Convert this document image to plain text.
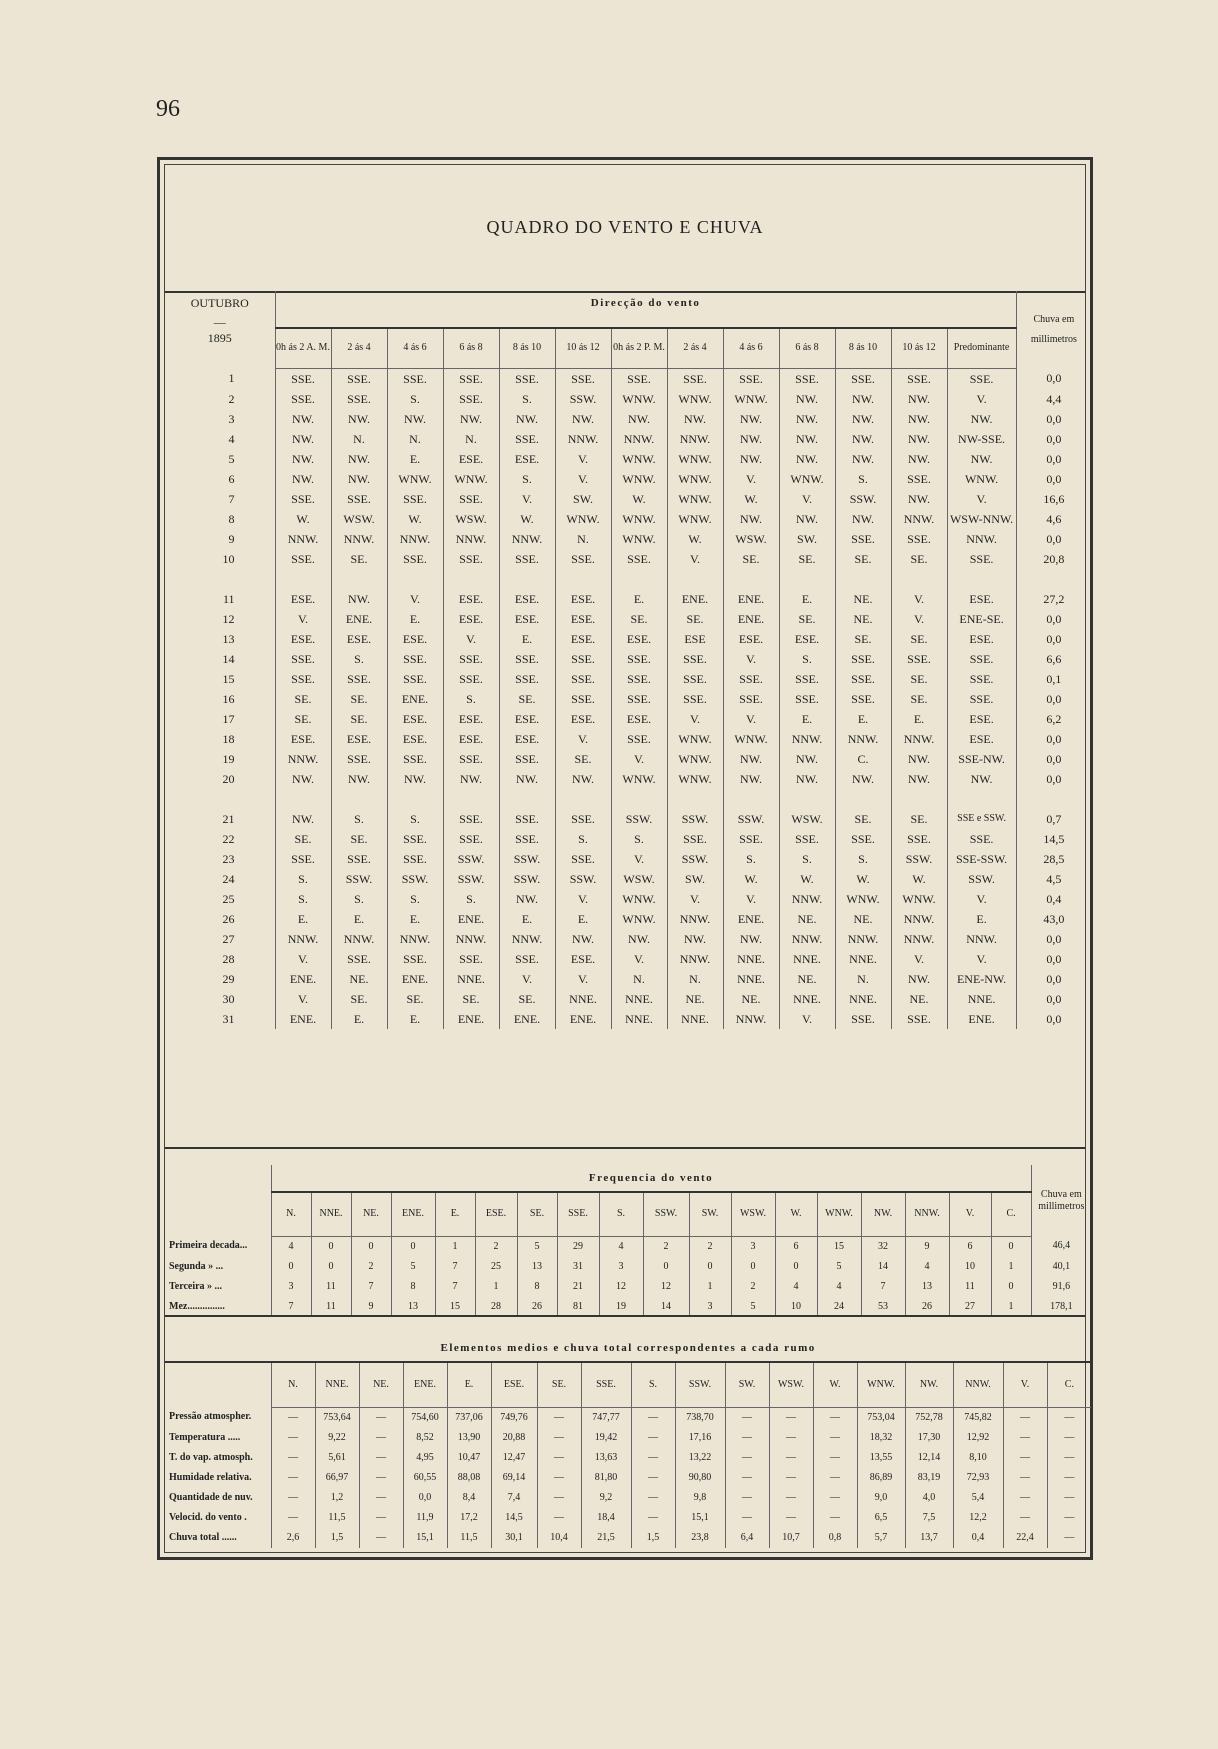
96
QUADRO DO VENTO E CHUVA
OUTUBRO	Direcção do vento													Chuva em millimetros
—														
1895	0h ás 2 A. M.	2 ás 4	4 ás 6	6 ás 8	8 ás 10	10 ás 12	0h ás 2 P. M.	2 ás 4	4 ás 6	6 ás 8	8 ás 10	10 ás 12	Predominante	
1	SSE.	SSE.	SSE.	SSE.	SSE.	SSE.	SSE.	SSE.	SSE.	SSE.	SSE.	SSE.	SSE.	0,0
2	SSE.	SSE.	S.	SSE.	S.	SSW.	WNW.	WNW.	WNW.	NW.	NW.	NW.	V.	4,4
3	NW.	NW.	NW.	NW.	NW.	NW.	NW.	NW.	NW.	NW.	NW.	NW.	NW.	0,0
4	NW.	N.	N.	N.	SSE.	NNW.	NNW.	NNW.	NW.	NW.	NW.	NW.	NW-SSE.	0,0
5	NW.	NW.	E.	ESE.	ESE.	V.	WNW.	WNW.	NW.	NW.	NW.	NW.	NW.	0,0
6	NW.	NW.	WNW.	WNW.	S.	V.	WNW.	WNW.	V.	WNW.	S.	SSE.	WNW.	0,0
7	SSE.	SSE.	SSE.	SSE.	V.	SW.	W.	WNW.	W.	V.	SSW.	NW.	V.	16,6
8	W.	WSW.	W.	WSW.	W.	WNW.	WNW.	WNW.	NW.	NW.	NW.	NNW.	WSW-NNW.	4,6
9	NNW.	NNW.	NNW.	NNW.	NNW.	N.	WNW.	W.	WSW.	SW.	SSE.	SSE.	NNW.	0,0
10	SSE.	SE.	SSE.	SSE.	SSE.	SSE.	SSE.	V.	SE.	SE.	SE.	SE.	SSE.	20,8

11	ESE.	NW.	V.	ESE.	ESE.	ESE.	E.	ENE.	ENE.	E.	NE.	V.	ESE.	27,2
12	V.	ENE.	E.	ESE.	ESE.	ESE.	SE.	SE.	ENE.	SE.	NE.	V.	ENE-SE.	0,0
13	ESE.	ESE.	ESE.	V.	E.	ESE.	ESE.	ESE	ESE.	ESE.	SE.	SE.	ESE.	0,0
14	SSE.	S.	SSE.	SSE.	SSE.	SSE.	SSE.	SSE.	V.	S.	SSE.	SSE.	SSE.	6,6
15	SSE.	SSE.	SSE.	SSE.	SSE.	SSE.	SSE.	SSE.	SSE.	SSE.	SSE.	SE.	SSE.	0,1
16	SE.	SE.	ENE.	S.	SE.	SSE.	SSE.	SSE.	SSE.	SSE.	SSE.	SE.	SSE.	0,0
17	SE.	SE.	ESE.	ESE.	ESE.	ESE.	ESE.	V.	V.	E.	E.	E.	ESE.	6,2
18	ESE.	ESE.	ESE.	ESE.	ESE.	V.	SSE.	WNW.	WNW.	NNW.	NNW.	NNW.	ESE.	0,0
19	NNW.	SSE.	SSE.	SSE.	SSE.	SE.	V.	WNW.	NW.	NW.	C.	NW.	SSE-NW.	0,0
20	NW.	NW.	NW.	NW.	NW.	NW.	WNW.	WNW.	NW.	NW.	NW.	NW.	NW.	0,0

21	NW.	S.	S.	SSE.	SSE.	SSE.	SSW.	SSW.	SSW.	WSW.	SE.	SE.	SSE e SSW.	0,7
22	SE.	SE.	SSE.	SSE.	SSE.	S.	S.	SSE.	SSE.	SSE.	SSE.	SSE.	SSE.	14,5
23	SSE.	SSE.	SSE.	SSW.	SSW.	SSE.	V.	SSW.	S.	S.	S.	SSW.	SSE-SSW.	28,5
24	S.	SSW.	SSW.	SSW.	SSW.	SSW.	WSW.	SW.	W.	W.	W.	W.	SSW.	4,5
25	S.	S.	S.	S.	NW.	V.	WNW.	V.	V.	NNW.	WNW.	WNW.	V.	0,4
26	E.	E.	E.	ENE.	E.	E.	WNW.	NNW.	ENE.	NE.	NE.	NNW.	E.	43,0
27	NNW.	NNW.	NNW.	NNW.	NNW.	NW.	NW.	NW.	NW.	NNW.	NNW.	NNW.	NNW.	0,0
28	V.	SSE.	SSE.	SSE.	SSE.	ESE.	V.	NNW.	NNE.	NNE.	NNE.	V.	V.	0,0
29	ENE.	NE.	ENE.	NNE.	V.	V.	N.	N.	NNE.	NE.	N.	NW.	ENE-NW.	0,0
30	V.	SE.	SE.	SE.	SE.	NNE.	NNE.	NE.	NE.	NNE.	NNE.	NE.	NNE.	0,0
31	ENE.	E.	E.	ENE.	ENE.	ENE.	NNE.	NNE.	NNW.	V.	SSE.	SSE.	ENE.	0,0
	Frequencia do vento																		Chuva em millimetros
	N.	NNE.	NE.	ENE.	E.	ESE.	SE.	SSE.	S.	SSW.	SW.	WSW.	W.	WNW.	NW.	NNW.	V.	C.	
Primeira decada...	4	0	0	0	1	2	5	29	4	2	2	3	6	15	32	9	6	0	46,4
Segunda » ...	0	0	2	5	7	25	13	31	3	0	0	0	0	5	14	4	10	1	40,1
Terceira » ...	3	11	7	8	7	1	8	21	12	12	1	2	4	4	7	13	11	0	91,6
Mez...............	7	11	9	13	15	28	26	81	19	14	3	5	10	24	53	26	27	1	178,1
Elementos medios e chuva total correspondentes a cada rumo																		
	N.	NNE.	NE.	ENE.	E.	ESE.	SE.	SSE.	S.	SSW.	SW.	WSW.	W.	WNW.	NW.	NNW.	V.	C.
Pressão atmospher.	—	753,64	—	754,60	737,06	749,76	—	747,77	—	738,70	—	—	—	753,04	752,78	745,82	—	—
Temperatura .....	—	9,22	—	8,52	13,90	20,88	—	19,42	—	17,16	—	—	—	18,32	17,30	12,92	—	—
T. do vap. atmosph.	—	5,61	—	4,95	10,47	12,47	—	13,63	—	13,22	—	—	—	13,55	12,14	8,10	—	—
Humidade relativa.	—	66,97	—	60,55	88,08	69,14	—	81,80	—	90,80	—	—	—	86,89	83,19	72,93	—	—
Quantidade de nuv.	—	1,2	—	0,0	8,4	7,4	—	9,2	—	9,8	—	—	—	9,0	4,0	5,4	—	—
Velocid. do vento .	—	11,5	—	11,9	17,2	14,5	—	18,4	—	15,1	—	—	—	6,5	7,5	12,2	—	—
Chuva total ......	2,6	1,5	—	15,1	11,5	30,1	10,4	21,5	1,5	23,8	6,4	10,7	0,8	5,7	13,7	0,4	22,4	—
